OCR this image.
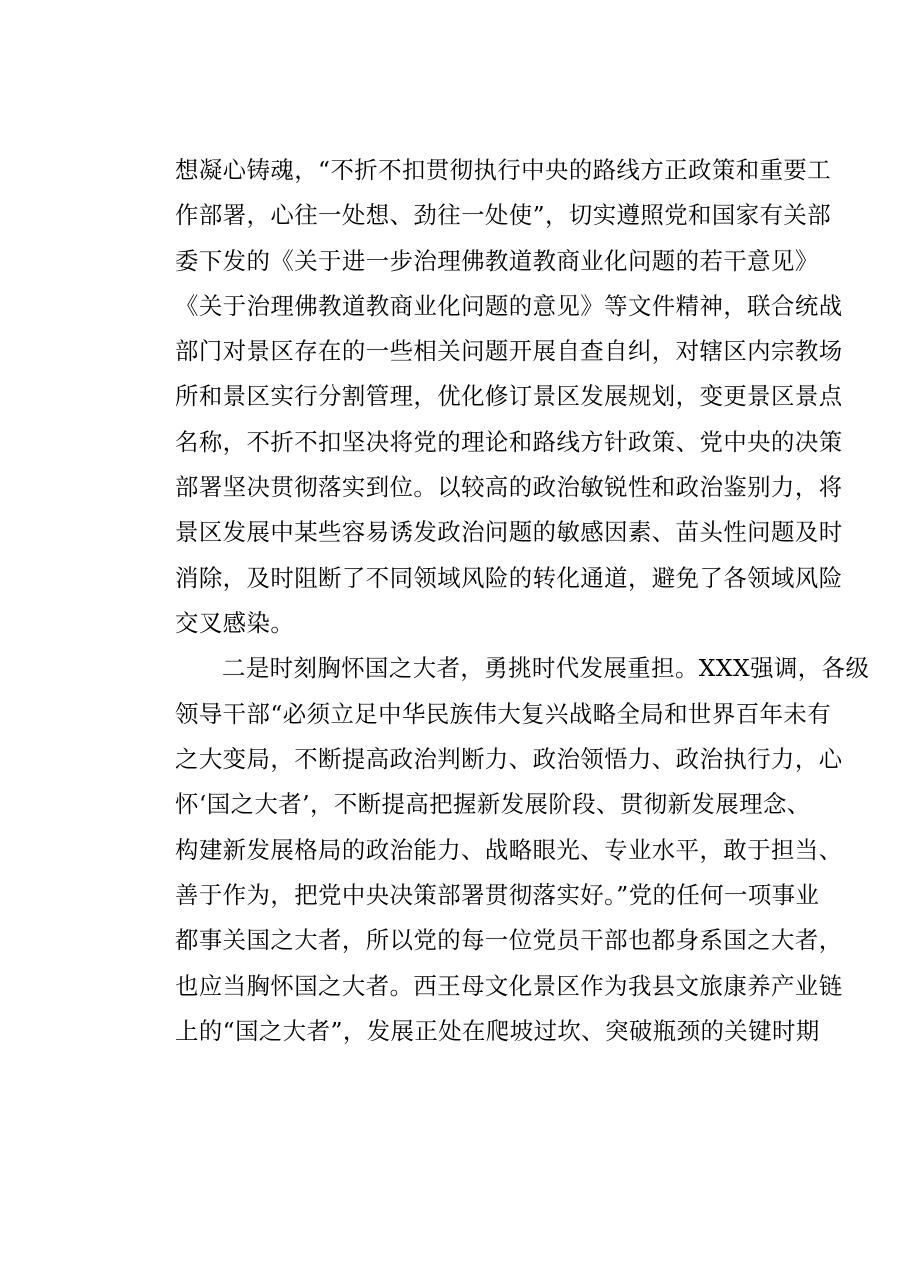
想凝心铸魂，“不折不扣贯彻执行中央的路线方正政策和重要工
作部署，心往一处想、劲往一处使”，切实遵照党和国家有关部
委下发的《关于进一步治理佛教道教商业化问题的若干意见》
《关于治理佛教道教商业化问题的意见》等文件精神，联合统战
部门对景区存在的一些相关问题开展自查自纠，对辖区内宗教场
所和景区实行分割管理，优化修订景区发展规划，变更景区景点
名称，不折不扣坚决将党的理论和路线方针政策、党中央的决策
部署坚决贯彻落实到位。以较高的政治敏锐性和政治鉴别力，将
景区发展中某些容易诱发政治问题的敏感因素、苗头性问题及时
消除，及时阻断了不同领域风险的转化通道，避免了各领域风险
交叉感染。
二是时刻胸怀国之大者，勇挑时代发展重担。XXX强调，各级
领导干部“必须立足中华民族伟大复兴战略全局和世界百年未有
之大变局，不断提高政治判断力、政治领悟力、政治执行力，心
怀‘国之大者’，不断提高把握新发展阶段、贯彻新发展理念、
构建新发展格局的政治能力、战略眼光、专业水平，敢于担当、
善于作为，把党中央决策部署贯彻落实好。”党的任何一项事业
都事关国之大者，所以党的每一位党员干部也都身系国之大者，
也应当胸怀国之大者。西王母文化景区作为我县文旅康养产业链
上的“国之大者”，发展正处在爬坡过坎、突破瓶颈的关键时期
